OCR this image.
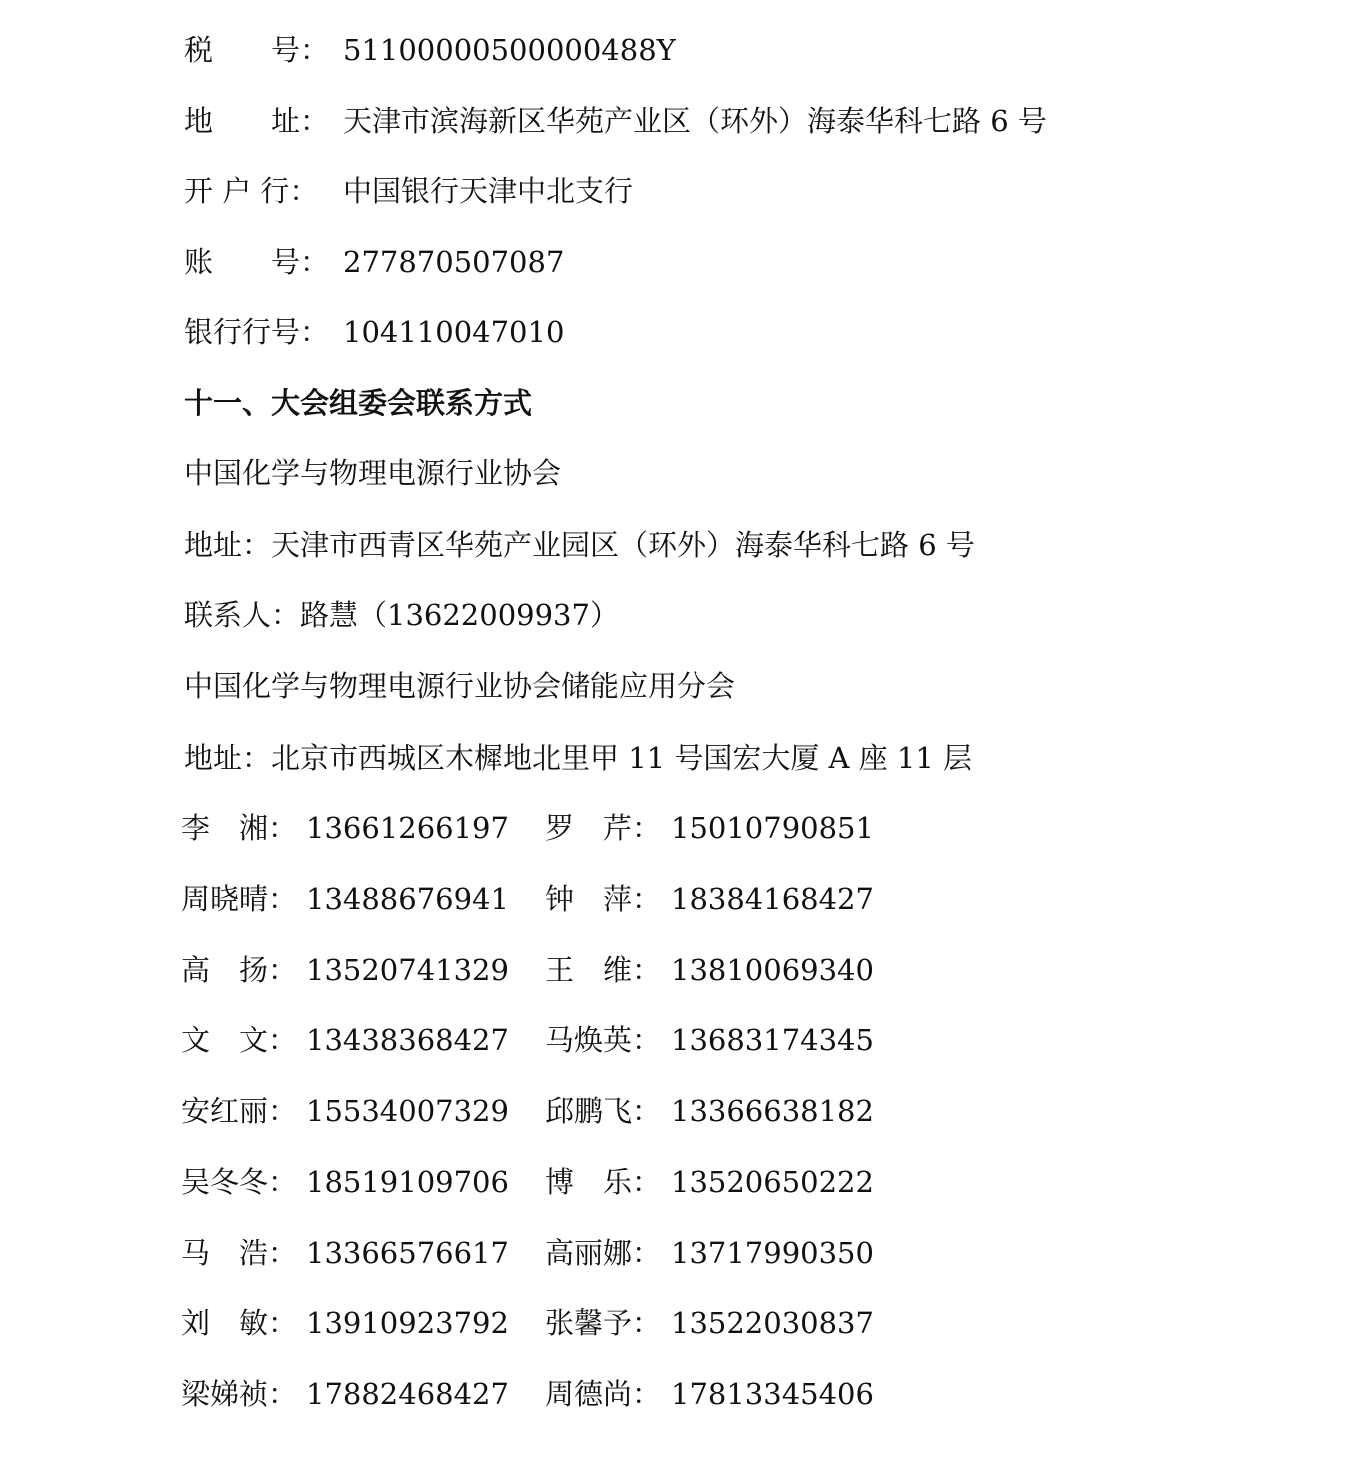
税　　号： 51100000500000488Y
地　　址： 天津市滨海新区华苑产业区（环外）海泰华科七路 6 号
开 户 行： 中国银行天津中北支行
账　　号： 277870507087
银行行号： 104110047010
十一、大会组委会联系方式
中国化学与物理电源行业协会
地址：天津市西青区华苑产业园区（环外）海泰华科七路 6 号
联系人：路慧（13622009937）
中国化学与物理电源行业协会储能应用分会
地址：北京市西城区木樨地北里甲 11 号国宏大厦 A 座 11 层
李　湘： 13661266197 罗　芹： 15010790851
周晓晴： 13488676941 钟　萍： 18384168427
高　扬： 13520741329 王　维： 13810069340
文　文： 13438368427 马焕英： 13683174345
安红丽： 15534007329 邱鹏飞： 13366638182
吴冬冬： 18519109706 博　乐： 13520650222
马　浩： 13366576617 高丽娜： 13717990350
刘　敏： 13910923792 张馨予： 13522030837
梁娣祯： 17882468427 周德尚： 17813345406
